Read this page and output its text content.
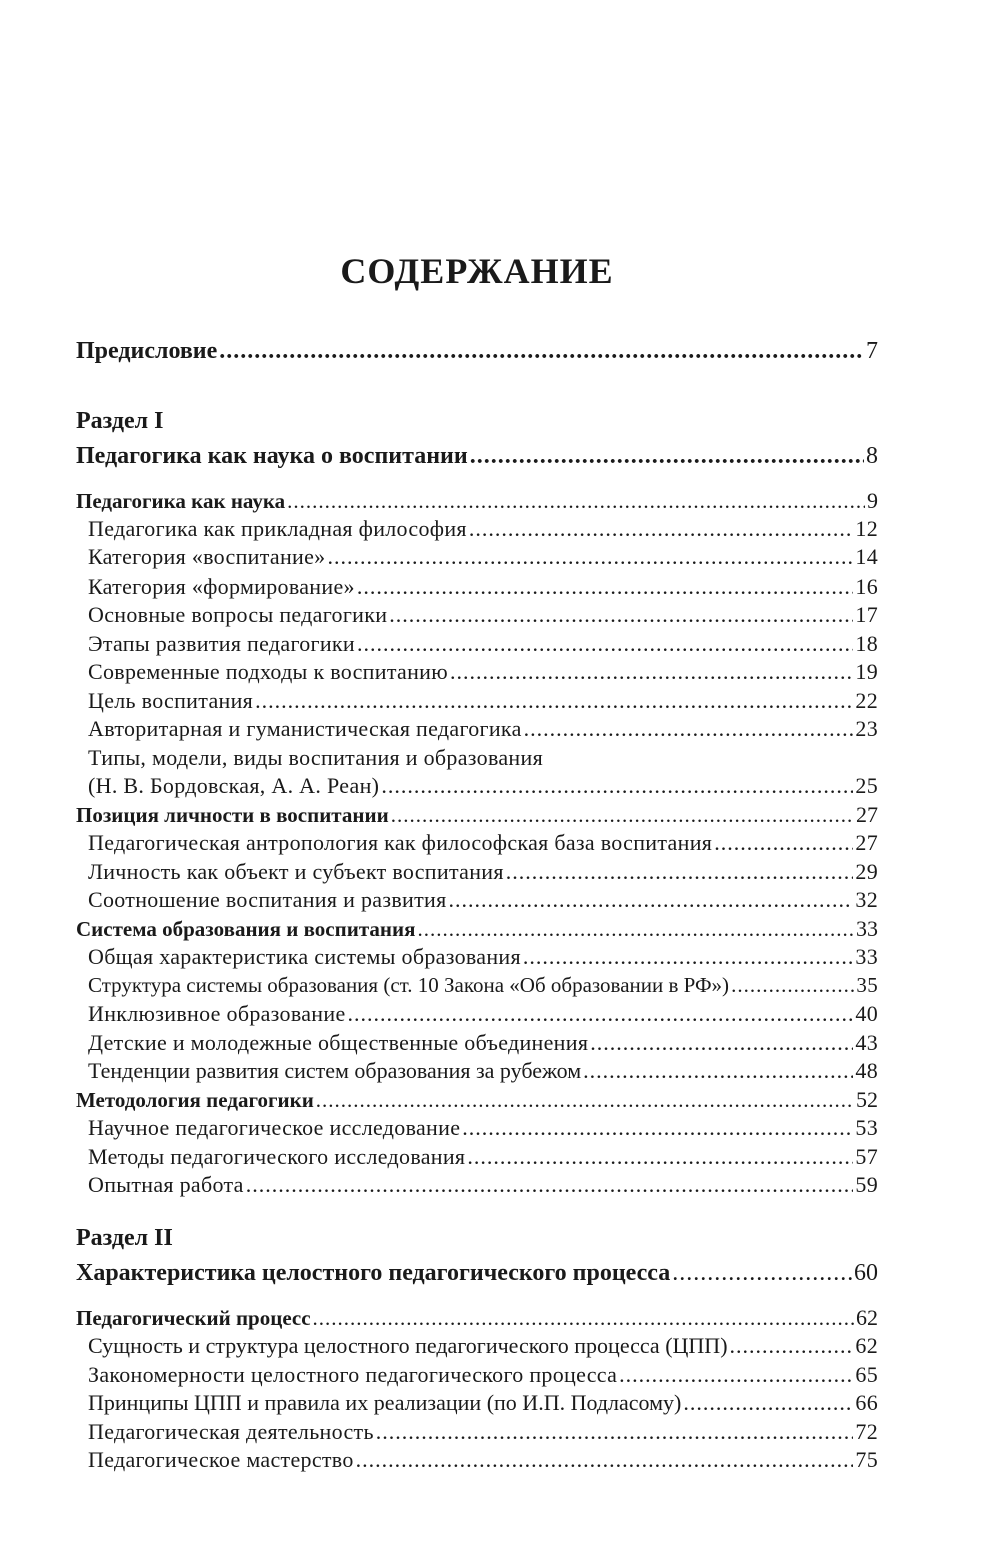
СОДЕРЖАНИЕ
Предисловие .....	7
Раздел I
Педагогика как наука о воспитании .....	8
Педагогика как наука .....	9
Педагогика как прикладная философия .....	12
Категория «воспитание» .....	14
Категория «формирование» .....	16
Основные вопросы педагогики .....	17
Этапы развития педагогики .....	18
Современные подходы к воспитанию .....	19
Цель воспитания .....	22
Авторитарная и гуманистическая педагогика .....	23
Типы, модели, виды воспитания и образования
(Н. В. Бордовская, А. А. Реан) .....	25
Позиция личности в воспитании .....	27
Педагогическая антропология как философская база воспитания .....	27
Личность как объект и субъект воспитания .....	29
Соотношение воспитания и развития .....	32
Система образования и воспитания .....	33
Общая характеристика системы образования .....	33
Структура системы образования (ст. 10 Закона «Об образовании в РФ») .....	35
Инклюзивное образование .....	40
Детские и молодежные общественные объединения .....	43
Тенденции развития систем образования за рубежом .....	48
Методология педагогики .....	52
Научное педагогическое исследование .....	53
Методы педагогического исследования .....	57
Опытная работа .....	59
Раздел II
Характеристика целостного педагогического процесса .....	60
Педагогический процесс .....	62
Сущность и структура целостного педагогического процесса (ЦПП) .....	62
Закономерности целостного педагогического процесса .....	65
Принципы ЦПП и правила их реализации (по И.П. Подласому) .....	66
Педагогическая деятельность .....	72
Педагогическое мастерство .....	75
